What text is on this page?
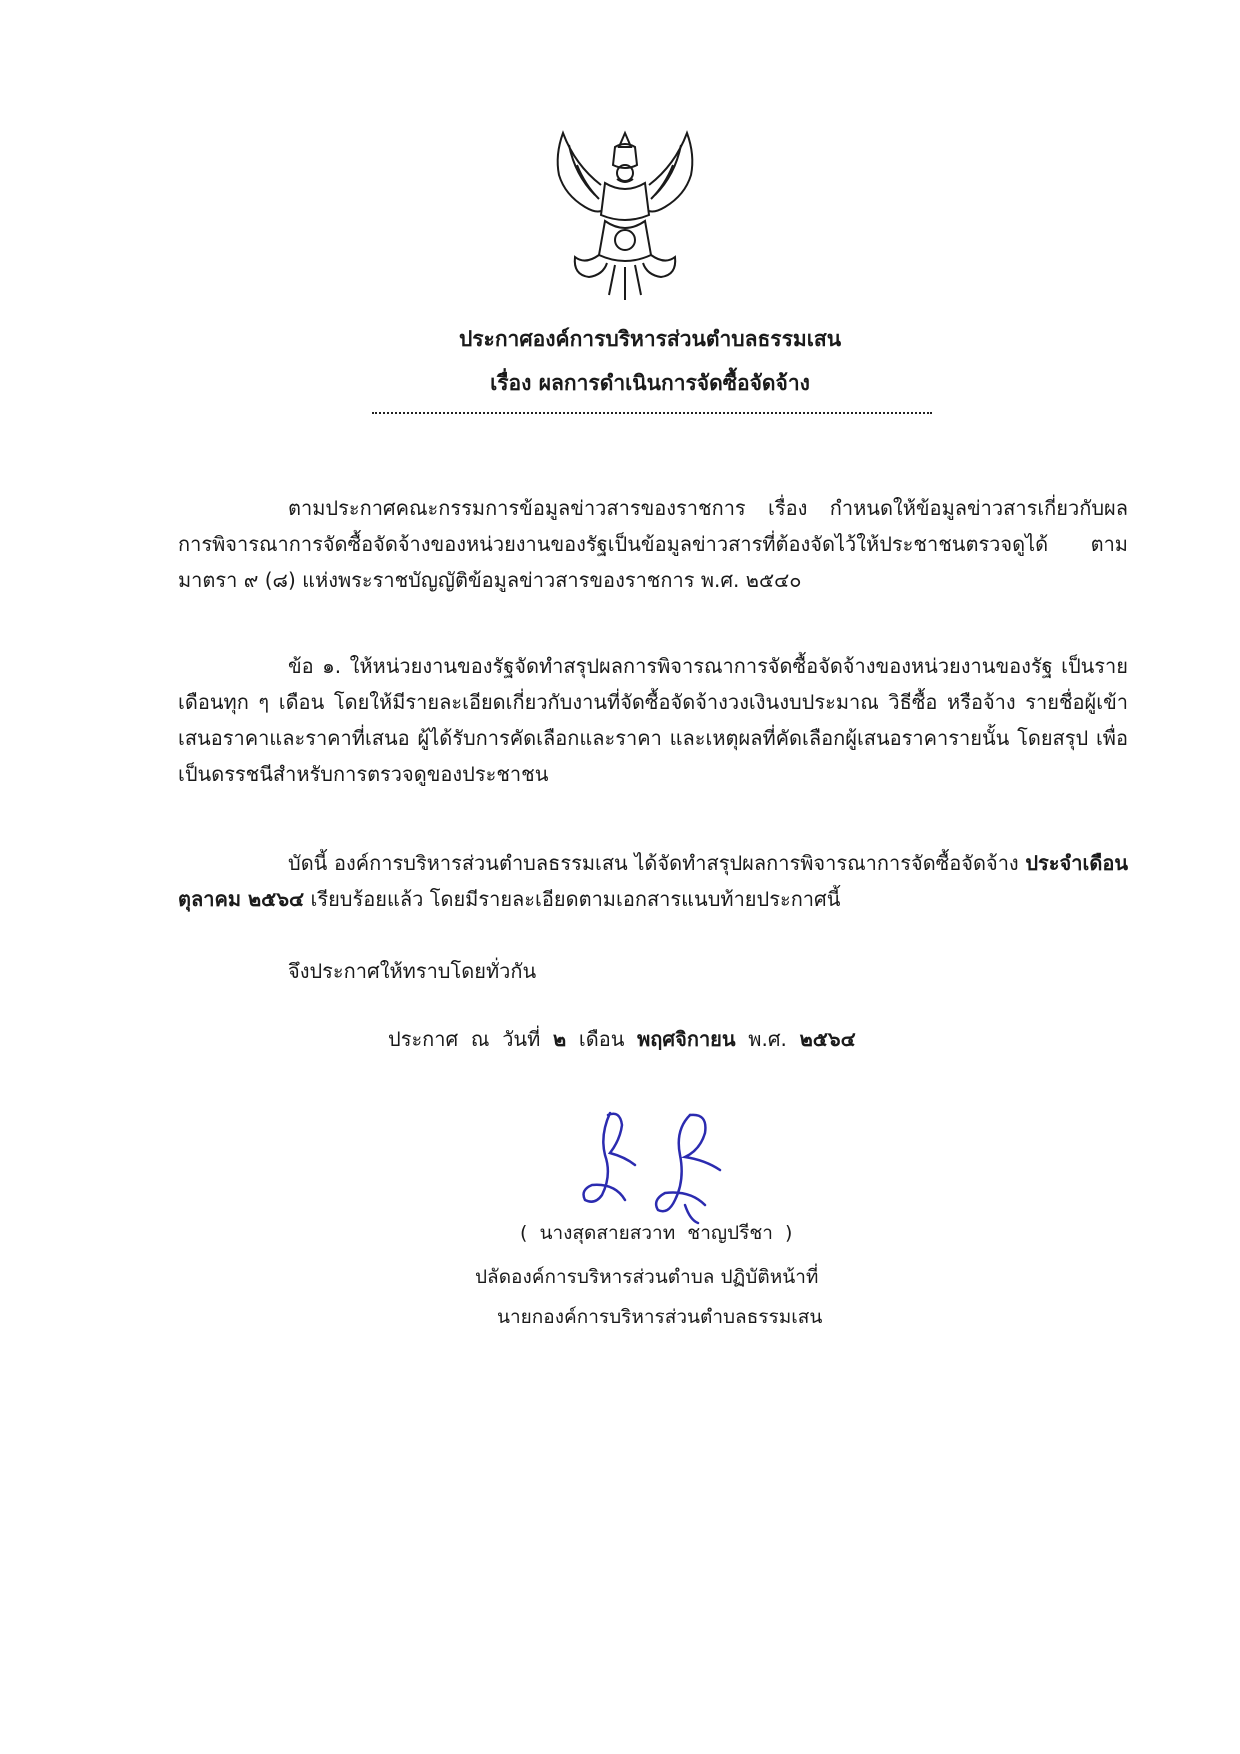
ประกาศองค์การบริหารส่วนตำบลธรรมเสน
เรื่อง ผลการดำเนินการจัดซื้อจัดจ้าง
ตามประกาศคณะกรรมการข้อมูลข่าวสารของราชการ เรื่อง กำหนดให้ข้อมูลข่าวสารเกี่ยวกับผลการพิจารณาการจัดซื้อจัดจ้างของหน่วยงานของรัฐเป็นข้อมูลข่าวสารที่ต้องจัดไว้ให้ประชาชนตรวจดูได้ ตามมาตรา ๙ (๘) แห่งพระราชบัญญัติข้อมูลข่าวสารของราชการ พ.ศ. ๒๕๔๐
ข้อ ๑. ให้หน่วยงานของรัฐจัดทำสรุปผลการพิจารณาการจัดซื้อจัดจ้างของหน่วยงานของรัฐ เป็นรายเดือนทุก ๆ เดือน โดยให้มีรายละเอียดเกี่ยวกับงานที่จัดซื้อจัดจ้างวงเงินงบประมาณ วิธีซื้อ หรือจ้าง รายชื่อผู้เข้าเสนอราคาและราคาที่เสนอ ผู้ได้รับการคัดเลือกและราคา และเหตุผลที่คัดเลือกผู้เสนอราคารายนั้น โดยสรุป เพื่อเป็นดรรชนีสำหรับการตรวจดูของประชาชน
บัดนี้ องค์การบริหารส่วนตำบลธรรมเสน ได้จัดทำสรุปผลการพิจารณาการจัดซื้อจัดจ้าง ประจำเดือน ตุลาคม ๒๕๖๔ เรียบร้อยแล้ว โดยมีรายละเอียดตามเอกสารแนบท้ายประกาศนี้
จึงประกาศให้ทราบโดยทั่วกัน
ประกาศ  ณ  วันที่  ๒  เดือน  พฤศจิกายน  พ.ศ.  ๒๕๖๔
(  นางสุดสายสวาท  ชาญปรีชา  )
ปลัดองค์การบริหารส่วนตำบล ปฏิบัติหน้าที่
นายกองค์การบริหารส่วนตำบลธรรมเสน
